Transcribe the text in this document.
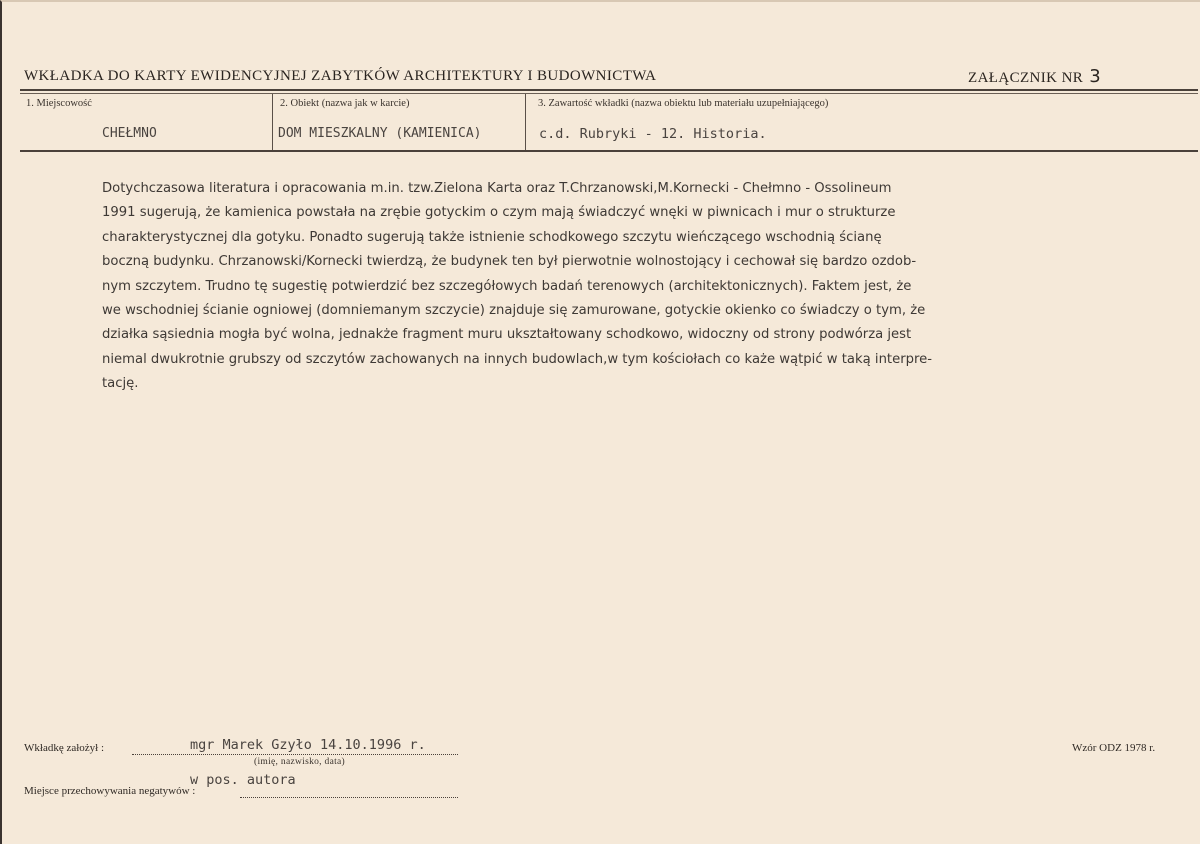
WKŁADKA DO KARTY EWIDENCYJNEJ ZABYTKÓW ARCHITEKTURY I BUDOWNICTWA	ZAŁĄCZNIK NR 3
1. Miejscowość
CHEŁMNO
2. Obiekt (nazwa jak w karcie)
DOM MIESZKALNY (KAMIENICA)
3. Zawartość wkładki (nazwa obiektu lub materiału uzupełniającego)
c.d. Rubryki - 12. Historia.
Dotychczasowa literatura i opracowania m.in. tzw.Zielona Karta oraz T.Chrzanowski,M.Kornecki - Chełmno - Ossolineum
1991 sugerują, że kamienica powstała na zrębie gotyckim o czym mają świadczyć wnęki w piwnicach i mur o strukturze
charakterystycznej dla gotyku. Ponadto sugerują także istnienie schodkowego szczytu wieńczącego wschodnią ścianę
boczną budynku. Chrzanowski/Kornecki twierdzą, że budynek ten był pierwotnie wolnostojący i cechował się bardzo ozdob-
nym szczytem. Trudno tę sugestię potwierdzić bez szczegółowych badań terenowych (architektonicznych). Faktem jest, że
we wschodniej ścianie ogniowej (domniemanym szczycie) znajduje się zamurowane, gotyckie okienko co świadczy o tym, że
działka sąsiednia mogła być wolna, jednakże fragment muru ukształtowany schodkowo, widoczny od strony podwórza jest
niemal dwukrotnie grubszy od szczytów zachowanych na innych budowlach,w tym kościołach co każe wątpić w taką interpre-
tację.
Wkładkę założył :	mgr Marek Gzyło 14.10.1996 r.
(imię, nazwisko, data)
w pos. autora
Miejsce przechowywania negatywów :
Wzór ODZ 1978 r.
